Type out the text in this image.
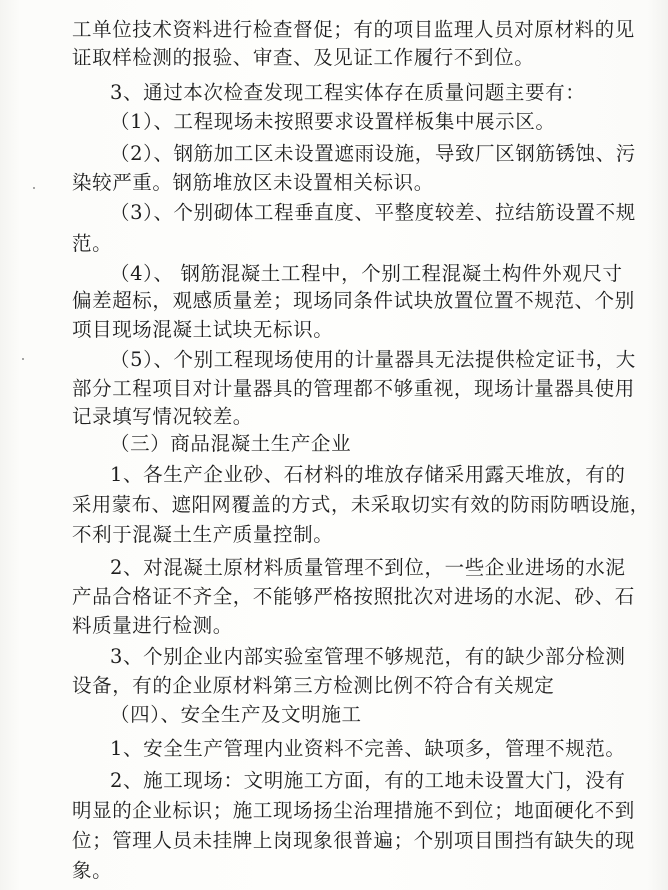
工单位技术资料进行检查督促；有的项目监理人员对原材料的见
证取样检测的报验、审查、及见证工作履行不到位。
3、通过本次检查发现工程实体存在质量问题主要有：
（1）、工程现场未按照要求设置样板集中展示区。
（2）、钢筋加工区未设置遮雨设施，导致厂区钢筋锈蚀、污
染较严重。钢筋堆放区未设置相关标识。
（3）、个别砌体工程垂直度、平整度较差、拉结筋设置不规
范。
（4）、 钢筋混凝土工程中，个别工程混凝土构件外观尺寸
偏差超标，观感质量差；现场同条件试块放置位置不规范、个别
项目现场混凝土试块无标识。
（5）、个别工程现场使用的计量器具无法提供检定证书，大
部分工程项目对计量器具的管理都不够重视，现场计量器具使用
记录填写情况较差。
（三）商品混凝土生产企业
1、各生产企业砂、石材料的堆放存储采用露天堆放，有的
采用蒙布、遮阳网覆盖的方式，未采取切实有效的防雨防晒设施，
不利于混凝土生产质量控制。
2、对混凝土原材料质量管理不到位，一些企业进场的水泥
产品合格证不齐全，不能够严格按照批次对进场的水泥、砂、石
料质量进行检测。
3、个别企业内部实验室管理不够规范，有的缺少部分检测
设备，有的企业原材料第三方检测比例不符合有关规定
（四）、安全生产及文明施工
1、安全生产管理内业资料不完善、缺项多，管理不规范。
2、施工现场：文明施工方面，有的工地未设置大门，没有
明显的企业标识；施工现场扬尘治理措施不到位；地面硬化不到
位；管理人员未挂牌上岗现象很普遍；个别项目围挡有缺失的现
象。
